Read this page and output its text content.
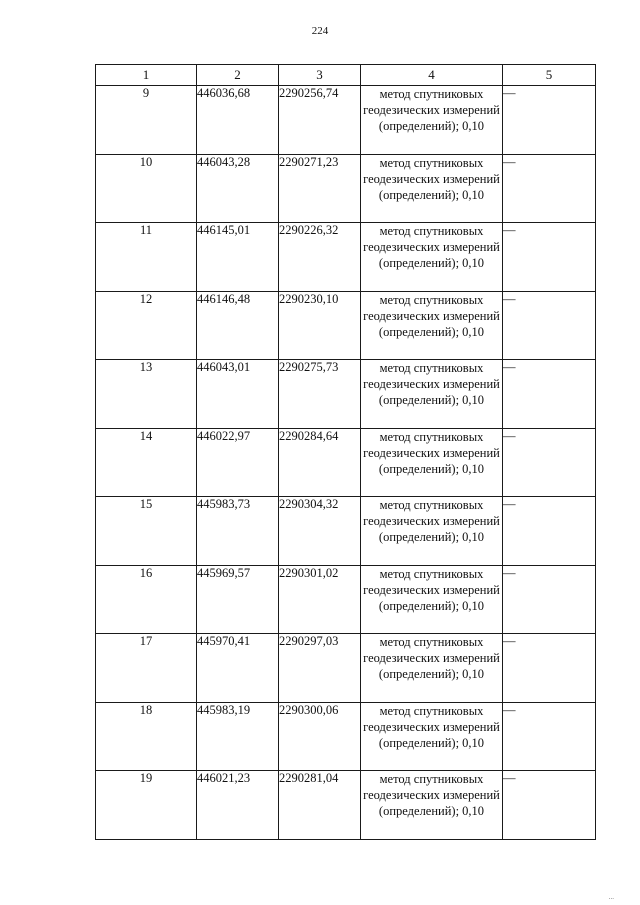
224
1	2	3	4	5
9	446036,68	2290256,74	метод спутниковых геодезических измерений (определений); 0,10	—
10	446043,28	2290271,23	метод спутниковых геодезических измерений (определений); 0,10	—
11	446145,01	2290226,32	метод спутниковых геодезических измерений (определений); 0,10	—
12	446146,48	2290230,10	метод спутниковых геодезических измерений (определений); 0,10	—
13	446043,01	2290275,73	метод спутниковых геодезических измерений (определений); 0,10	—
14	446022,97	2290284,64	метод спутниковых геодезических измерений (определений); 0,10	—
15	445983,73	2290304,32	метод спутниковых геодезических измерений (определений); 0,10	—
16	445969,57	2290301,02	метод спутниковых геодезических измерений (определений); 0,10	—
17	445970,41	2290297,03	метод спутниковых геодезических измерений (определений); 0,10	—
18	445983,19	2290300,06	метод спутниковых геодезических измерений (определений); 0,10	—
19	446021,23	2290281,04	метод спутниковых геодезических измерений (определений); 0,10	—
...
